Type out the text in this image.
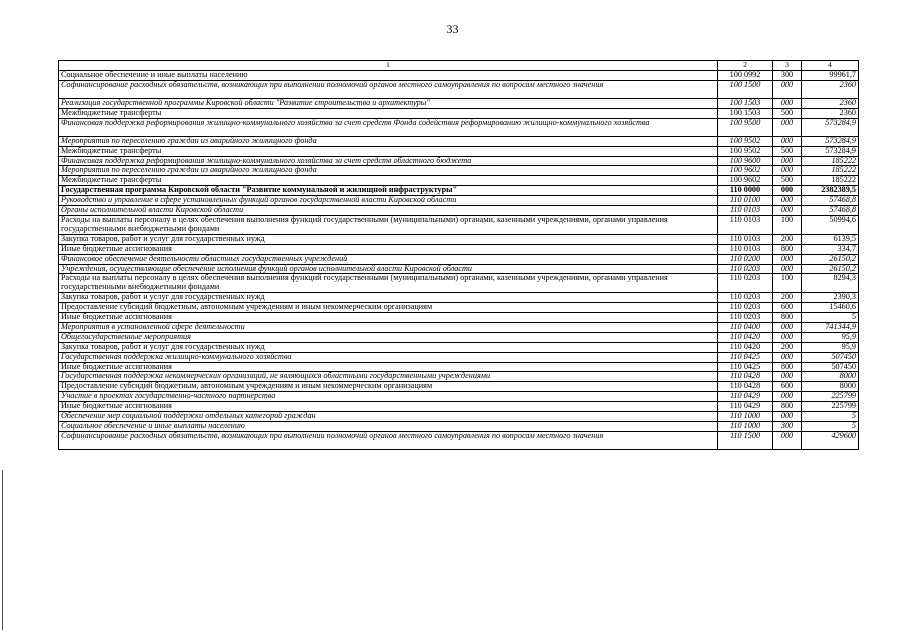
33
1	2	3	4
Социальное обеспечение и иные выплаты населению	100 0992	300	99961,7
Софинансирование расходных обязательств, возникающих при выполнении полномочий органов местного самоуправления по вопросам местного значения	100 1500	000	2360
Реализация государственной программы Кировской области "Развитие строительства и архитектуры"	100 1503	000	2360
Межбюджетные трансферты	100 1503	500	2360
Финансовая поддержка реформирования жилищно-коммунального хозяйства за счет средств Фонда содействия реформированию жилищно-коммунального хозяйства	100 9500	000	573284,9
Мероприятия по переселению граждан из аварийного жилищного фонда	100 9502	000	573284,9
Межбюджетные трансферты	100 9502	500	573284,9
Финансовая поддержка реформирования жилищно-коммунального хозяйства за счет средств областного бюджета	100 9600	000	185222
Мероприятия по переселению граждан из аварийного жилищного фонда	100 9602	000	185222
Межбюджетные трансферты	100 9602	500	185222
Государственная программа Кировской области "Развитие коммунальной и жилищной инфраструктуры"	110 0000	000	2382389,5
Руководство и управление в сфере установленных функций органов государственной власти Кировской области	110 0100	000	57468,8
Органы исполнительной власти Кировской области	110 0103	000	57468,8
Расходы на выплаты персоналу в целях обеспечения выполнения функций государственными (муниципальными) органами, казенными учреждениями, органами управления государственными внебюджетными фондами	110 0103	100	50994,6
Закупка товаров, работ и услуг для государственных нужд	110 0103	200	6139,5
Иные бюджетные ассигнования	110 0103	800	334,7
Финансовое обеспечение деятельности областных государственных учреждений	110 0200	000	26150,2
Учреждения, осуществляющие обеспечение исполнения функций органов исполнительной власти Кировской области	110 0203	000	26150,2
Расходы на выплаты персоналу в целях обеспечения выполнения функций государственными (муниципальными) органами, казенными учреждениями, органами управления государственными внебюджетными фондами	110 0203	100	8294,3
Закупка товаров, работ и услуг для государственных нужд	110 0203	200	2390,3
Предоставление субсидий бюджетным, автономным учреждениям и иным некоммерческим организациям	110 0203	600	15460,6
Иные бюджетные ассигнования	110 0203	800	5
Мероприятия в установленной сфере деятельности	110 0400	000	741344,9
Общегосударственные мероприятия	110 0420	000	95,9
Закупка товаров, работ и услуг для государственных нужд	110 0420	200	95,9
Государственная поддержка жилищно-коммунального хозяйства	110 0425	000	507450
Иные бюджетные ассигнования	110 0425	800	507450
Государственная поддержка некоммерческих организаций, не являющихся областными государственными учреждениями	110 0428	000	8000
Предоставление субсидий бюджетным, автономным учреждениям и иным некоммерческим организациям	110 0428	600	8000
Участие в проектах государственно-частного партнерства	110 0429	000	225799
Иные бюджетные ассигнования	110 0429	800	225799
Обеспечение мер социальной поддержки отдельных категорий граждан	110 1000	000	5
Социальное обеспечение и иные выплаты населению	110 1000	300	5
Софинансирование расходных обязательств, возникающих при выполнении полномочий органов местного самоуправления по вопросам местного значения	110 1500	000	429600
